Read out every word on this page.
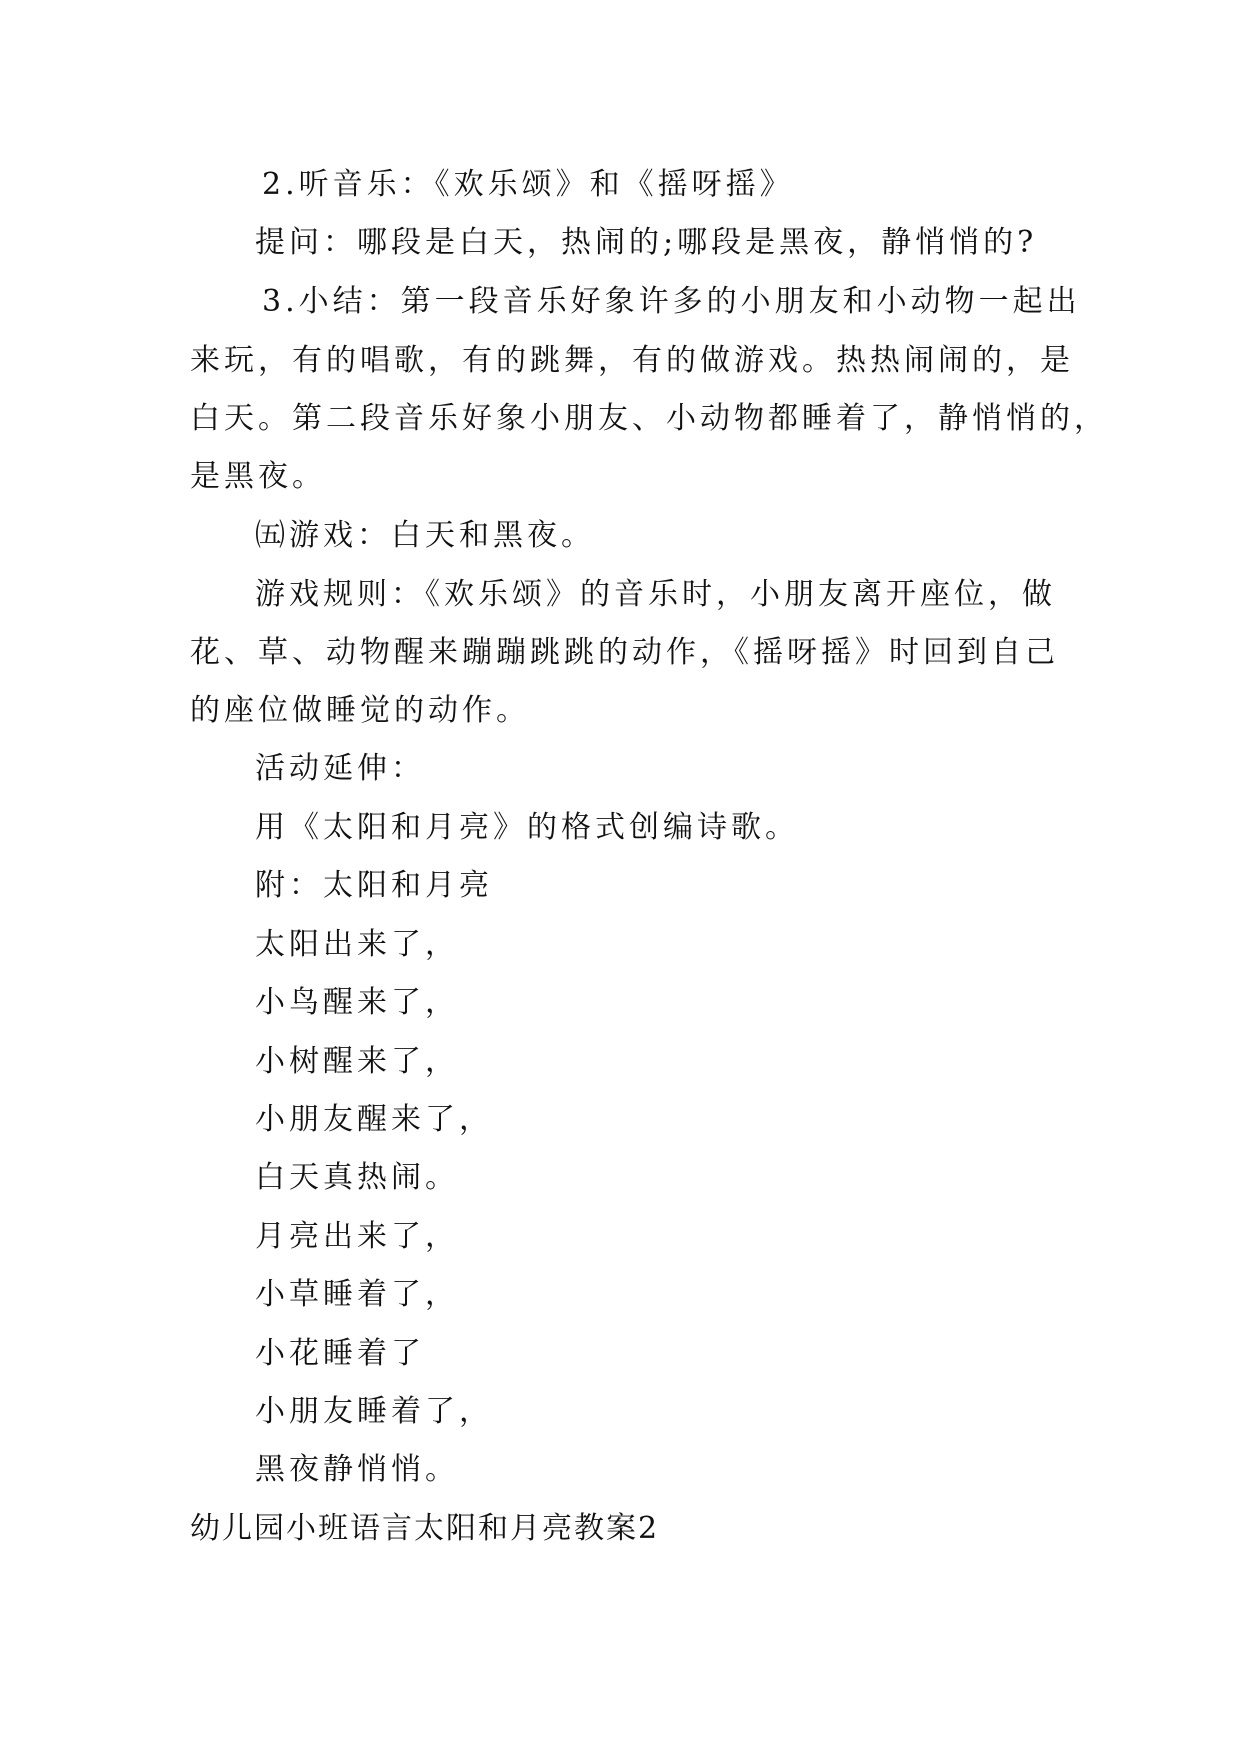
2.听音乐：《欢乐颂》和《摇呀摇》
提问：哪段是白天，热闹的;哪段是黑夜，静悄悄的?
3.小结：第一段音乐好象许多的小朋友和小动物一起出
来玩，有的唱歌，有的跳舞，有的做游戏。热热闹闹的，是
白天。第二段音乐好象小朋友、小动物都睡着了，静悄悄的，
是黑夜。
㈤游戏：白天和黑夜。
游戏规则：《欢乐颂》的音乐时，小朋友离开座位，做
花、草、动物醒来蹦蹦跳跳的动作，《摇呀摇》时回到自己
的座位做睡觉的动作。
活动延伸：
用《太阳和月亮》的格式创编诗歌。
附：太阳和月亮
太阳出来了，
小鸟醒来了，
小树醒来了，
小朋友醒来了，
白天真热闹。
月亮出来了，
小草睡着了，
小花睡着了
小朋友睡着了，
黑夜静悄悄。
幼儿园小班语言太阳和月亮教案2
